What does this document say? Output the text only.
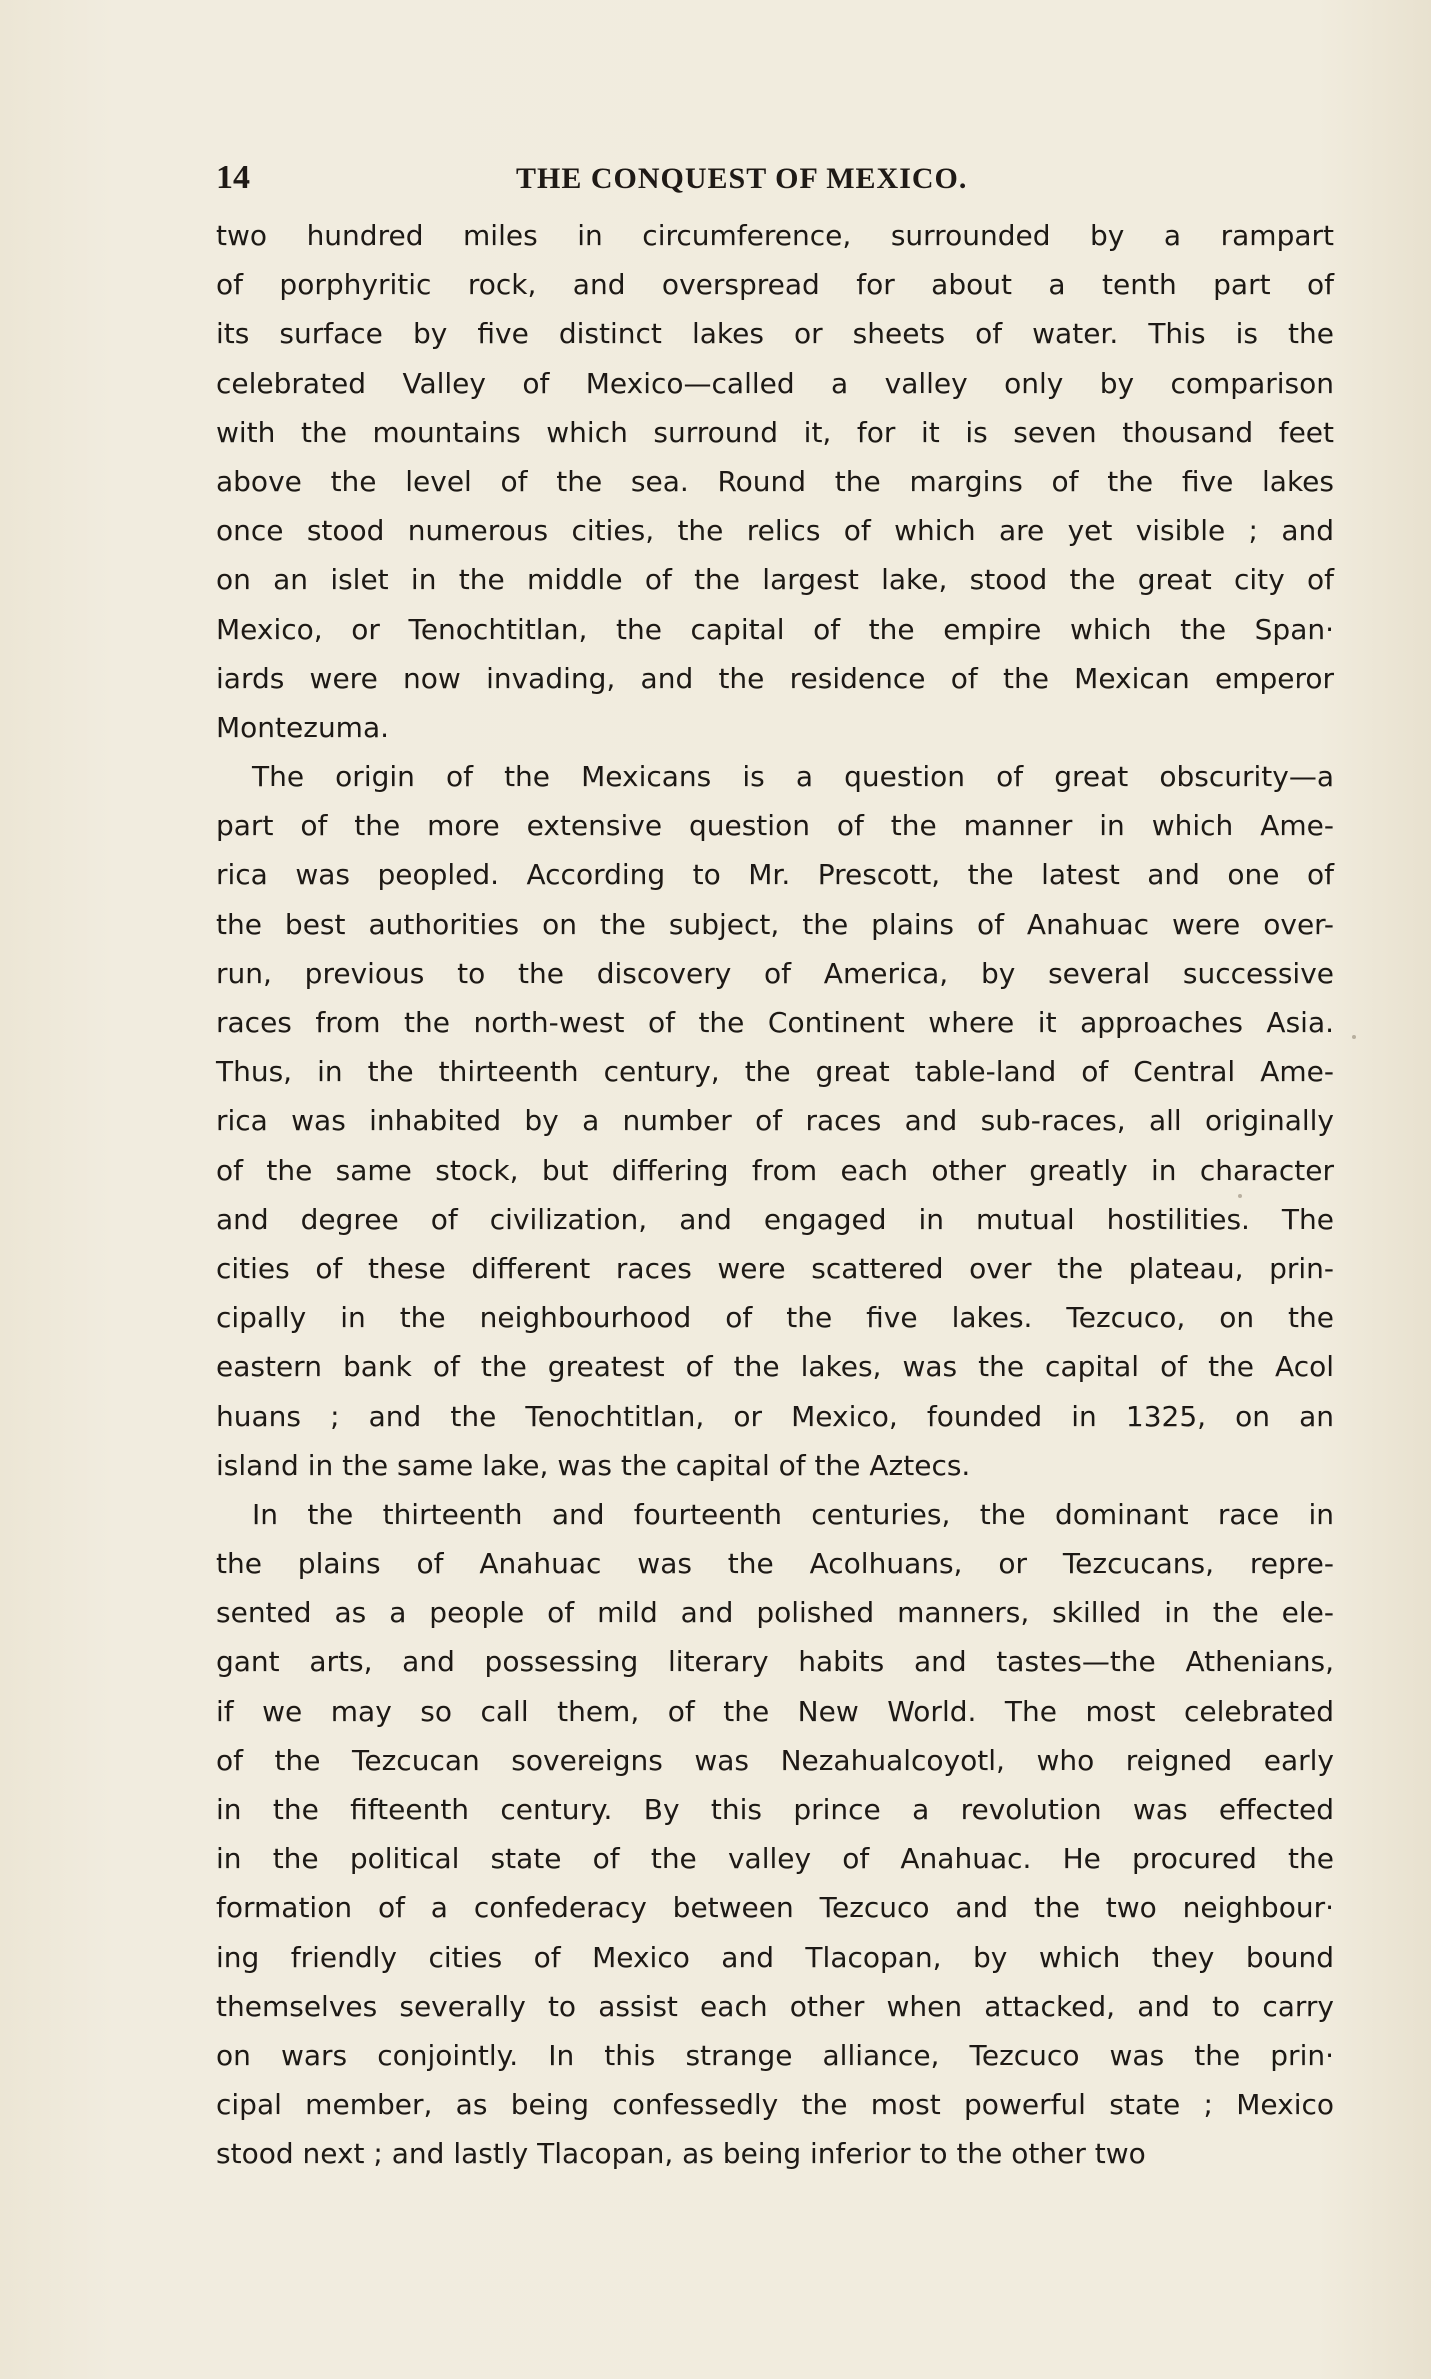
14	THE CONQUEST OF MEXICO.
two hundred miles in circumference, surrounded by a rampart
of porphyritic rock, and overspread for about a tenth part of
its surface by five distinct lakes or sheets of water. This is the
celebrated Valley of Mexico—called a valley only by comparison
with the mountains which surround it, for it is seven thousand feet
above the level of the sea. Round the margins of the five lakes
once stood numerous cities, the relics of which are yet visible ; and
on an islet in the middle of the largest lake, stood the great city of
Mexico, or Tenochtitlan, the capital of the empire which the Span·
iards were now invading, and the residence of the Mexican emperor
Montezuma.
The origin of the Mexicans is a question of great obscurity—a
part of the more extensive question of the manner in which Ame-
rica was peopled. According to Mr. Prescott, the latest and one of
the best authorities on the subject, the plains of Anahuac were over-
run, previous to the discovery of America, by several successive
races from the north-west of the Continent where it approaches Asia.
Thus, in the thirteenth century, the great table-land of Central Ame-
rica was inhabited by a number of races and sub-races, all originally
of the same stock, but differing from each other greatly in character
and degree of civilization, and engaged in mutual hostilities. The
cities of these different races were scattered over the plateau, prin-
cipally in the neighbourhood of the five lakes. Tezcuco, on the
eastern bank of the greatest of the lakes, was the capital of the Acol
huans ; and the Tenochtitlan, or Mexico, founded in 1325, on an
island in the same lake, was the capital of the Aztecs.
In the thirteenth and fourteenth centuries, the dominant race in
the plains of Anahuac was the Acolhuans, or Tezcucans, repre-
sented as a people of mild and polished manners, skilled in the ele-
gant arts, and possessing literary habits and tastes—the Athenians,
if we may so call them, of the New World. The most celebrated
of the Tezcucan sovereigns was Nezahualcoyotl, who reigned early
in the fifteenth century. By this prince a revolution was effected
in the political state of the valley of Anahuac. He procured the
formation of a confederacy between Tezcuco and the two neighbour·
ing friendly cities of Mexico and Tlacopan, by which they bound
themselves severally to assist each other when attacked, and to carry
on wars conjointly. In this strange alliance, Tezcuco was the prin·
cipal member, as being confessedly the most powerful state ; Mexico
stood next ; and lastly Tlacopan, as being inferior to the other two
